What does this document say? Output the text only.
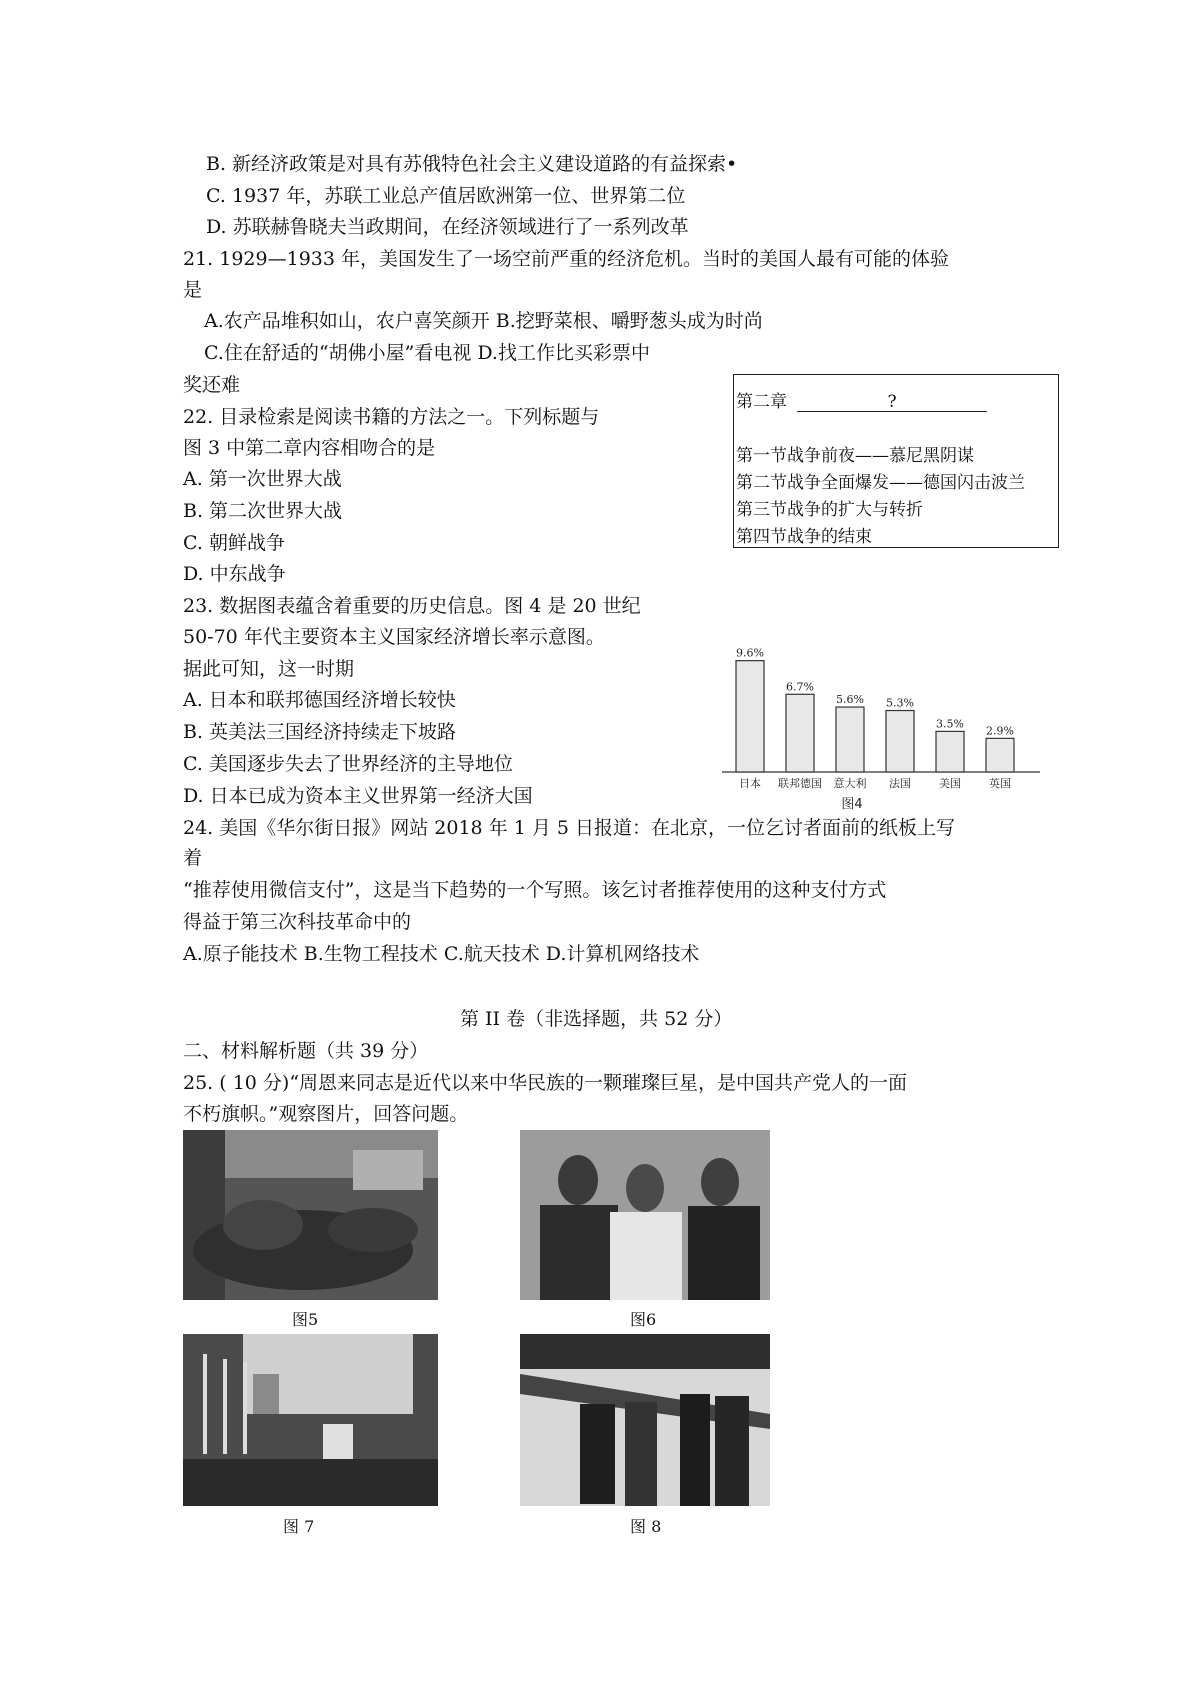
B. 新经济政策是对具有苏俄特色社会主义建设道路的有益探索•
C. 1937 年，苏联工业总产值居欧洲第一位、世界第二位
D. 苏联赫鲁晓夫当政期间，在经济领域进行了一系列改革
21. 1929—1933 年，美国发生了一场空前严重的经济危机。当时的美国人最有可能的体验
是
A.农产品堆积如山，农户喜笑颜开 B.挖野菜根、嚼野葱头成为时尚
C.住在舒适的“胡佛小屋”看电视 D.找工作比买彩票中
奖还难
第二章	?
第一节战争前夜——慕尼黑阴谋
第二节战争全面爆发——德国闪击波兰
第三节战争的扩大与转折
第四节战争的结束
22. 目录检索是阅读书籍的方法之一。下列标题与
图 3 中第二章内容相吻合的是
A. 第一次世界大战
B. 第二次世界大战
C. 朝鲜战争
D. 中东战争
23. 数据图表蕴含着重要的历史信息。图 4 是 20 世纪
50-70 年代主要资本主义国家经济增长率示意图。
据此可知，这一时期
A. 日本和联邦德国经济增长较快
B. 英美法三国经济持续走下坡路
C. 美国逐步失去了世界经济的主导地位
D. 日本已成为资本主义世界第一经济大国
9.6%
日本
6.7%
联邦德国
5.6%
意大利
5.3%
法国
3.5%
美国
2.9%
英国
图4
24. 美国《华尔街日报》网站 2018 年 1 月 5 日报道：在北京，一位乞讨者面前的纸板上写
着
“推荐使用微信支付”，这是当下趋势的一个写照。该乞讨者推荐使用的这种支付方式
得益于第三次科技革命中的
A.原子能技术 B.生物工程技术 C.航天技术 D.计算机网络技术
第 II 卷（非选择题，共 52 分）
二、材料解析题（共 39 分）
25. ( 10 分)“周恩来同志是近代以来中华民族的一颗璀璨巨星，是中国共产党人的一面
不朽旗帜。”观察图片，回答问题。
图5	图6
图 7	图 8
